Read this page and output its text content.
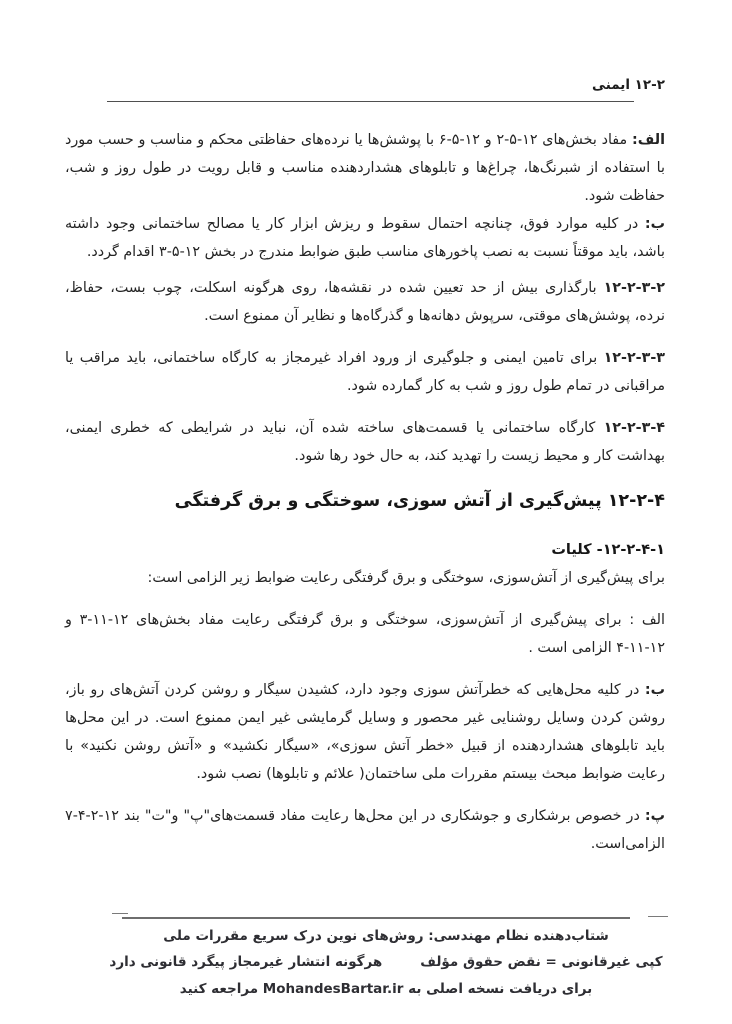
۱۲-۲ ایمنی

الف: مفاد بخش‌های ۱۲-۵-۲ و ۱۲-۵-۶ با پوشش‌ها یا نرده‌های حفاظتی محکم و مناسب و حسب مورد با استفاده از شبرنگ‌ها، چراغ‌ها و تابلوهای هشداردهنده مناسب و قابل رویت در طول روز و شب، حفاظت شود.

ب: در کلیه موارد فوق، چنانچه احتمال سقوط و ریزش ابزار کار یا مصالح ساختمانی وجود داشته باشد، باید موقتاً نسبت به نصب پاخورهای مناسب طبق ضوابط مندرج در بخش ۱۲-۵-۳ اقدام گردد.

۱۲-۲-۳-۲ بارگذاری بیش از حد تعیین شده در نقشه‌ها، روی هرگونه اسکلت، چوب بست، حفاظ، نرده، پوشش‌های موقتی، سرپوش دهانه‌ها و گذرگاه‌ها و نظایر آن ممنوع است.

۱۲-۲-۳-۳ برای تامین ایمنی و جلوگیری از ورود افراد غیرمجاز به کارگاه ساختمانی، باید مراقب یا مراقبانی در تمام طول روز و شب به کار گمارده شود.

۱۲-۲-۳-۴ کارگاه ساختمانی یا قسمت‌های ساخته شده آن، نباید در شرایطی که خطری ایمنی، بهداشت کار و محیط زیست را تهدید کند، به حال خود رها شود.

۱۲-۲-۴ پیش‌گیری از آتش سوزی، سوختگی و برق گرفتگی
۱۲-۲-۴-۱- کلیات

برای پیش‌گیری از آتش‌سوزی، سوختگی و برق گرفتگی رعایت ضوابط زیر الزامی است:

الف : برای پیش‌گیری از آتش‌سوزی، سوختگی و برق گرفتگی رعایت مفاد بخش‌های ۱۲-۱۱-۳ و ۱۲-۱۱-۴ الزامی است .

ب: در کلیه محل‌هایی که خطرآتش سوزی وجود دارد، کشیدن سیگار و روشن کردن آتش‌های رو باز، روشن کردن وسایل روشنایی غیر محصور و وسایل گرمایشی غیر ایمن ممنوع است. در این محل‌ها باید تابلوهای هشداردهنده از قبیل «خطر آتش سوزی»، «سیگار نکشید» و «آتش روشن نکنید» با رعایت ضوابط مبحث بیستم مقررات ملی ساختمان( علائم و تابلوها) نصب شود.

پ: در خصوص برشکاری و جوشکاری در این محل‌ها رعایت مفاد قسمت‌های"پ" و"ت" بند ۱۲-۲-۴-۷ الزامی‌است.

شتاب‌دهنده نظام مهندسی: روش‌های نوین درک سریع مقررات ملی
کپی غیرقانونی = نقض حقوق مؤلف
هرگونه انتشار غیرمجاز پیگرد قانونی دارد
برای دریافت نسخه اصلی به MohandesBartar.ir مراجعه کنید
